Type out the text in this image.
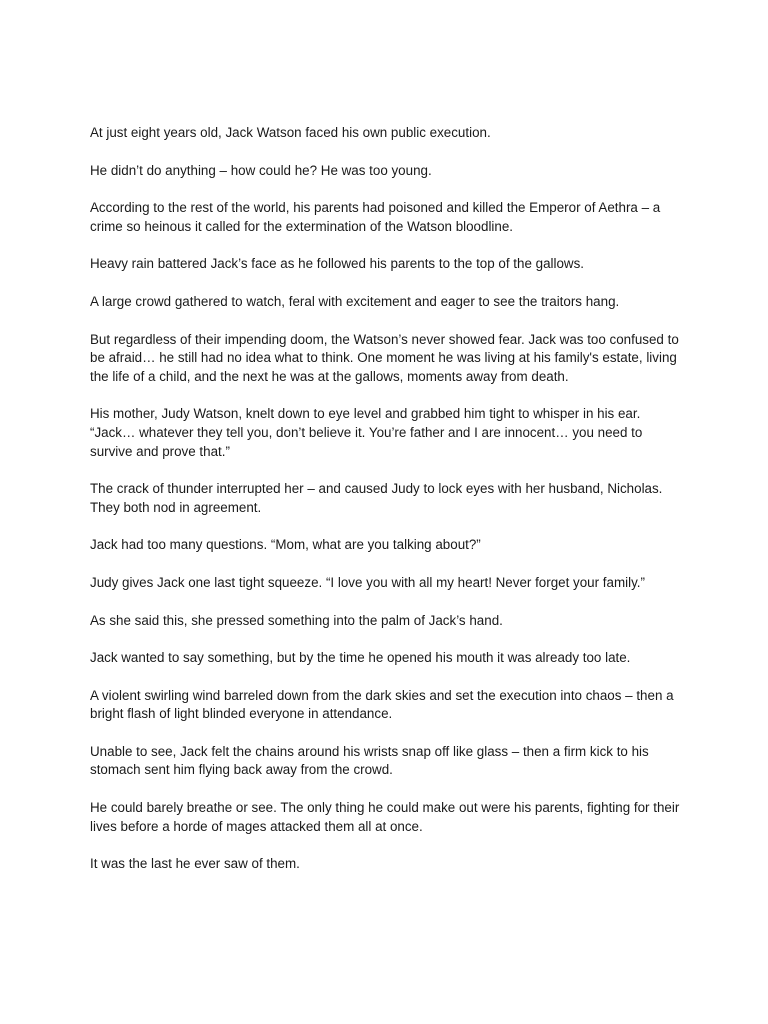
At just eight years old, Jack Watson faced his own public execution.

He didn’t do anything – how could he? He was too young.

According to the rest of the world, his parents had poisoned and killed the Emperor of Aethra – a crime so heinous it called for the extermination of the Watson bloodline.

Heavy rain battered Jack’s face as he followed his parents to the top of the gallows.

A large crowd gathered to watch, feral with excitement and eager to see the traitors hang.

But regardless of their impending doom, the Watson’s never showed fear. Jack was too confused to be afraid… he still had no idea what to think. One moment he was living at his family's estate, living the life of a child, and the next he was at the gallows, moments away from death.

His mother, Judy Watson, knelt down to eye level and grabbed him tight to whisper in his ear. “Jack… whatever they tell you, don’t believe it. You’re father and I are innocent… you need to survive and prove that.”

The crack of thunder interrupted her – and caused Judy to lock eyes with her husband, Nicholas. They both nod in agreement.

Jack had too many questions. “Mom, what are you talking about?”

Judy gives Jack one last tight squeeze. “I love you with all my heart! Never forget your family.”

As she said this, she pressed something into the palm of Jack’s hand.

Jack wanted to say something, but by the time he opened his mouth it was already too late.

A violent swirling wind barreled down from the dark skies and set the execution into chaos – then a bright flash of light blinded everyone in attendance.

Unable to see, Jack felt the chains around his wrists snap off like glass – then a firm kick to his stomach sent him flying back away from the crowd.

He could barely breathe or see. The only thing he could make out were his parents, fighting for their lives before a horde of mages attacked them all at once.

It was the last he ever saw of them.
